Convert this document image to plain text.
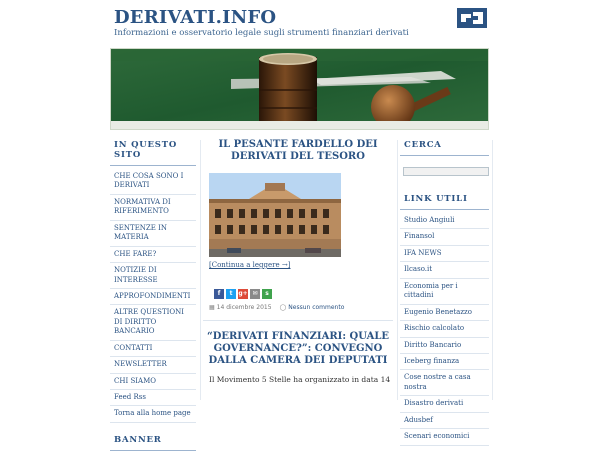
DERIVATI.INFO
Informazioni e osservatorio legale sugli strumenti finanziari derivati
IN QUESTO SITO
CHE COSA SONO I DERIVATI
NORMATIVA DI RIFERIMENTO
SENTENZE IN MATERIA
CHE FARE?
NOTIZIE DI INTERESSE
APPROFONDIMENTI
ALTRE QUESTIONI DI DIRITTO BANCARIO
CONTATTI
NEWSLETTER
CHI SIAMO
Feed Rss
Torna alla home page
BANNER
IL PESANTE FARDELLO DEI DERIVATI DEL TESORO
[Continua a leggere →]
f	t g+ ✉	s
▦ 14 dicembre 2015 ◯ Nessun commento
“DERIVATI FINANZIARI: QUALE GOVERNANCE?”: CONVEGNO DALLA CAMERA DEI DEPUTATI
Il Movimento 5 Stelle ha organizzato in data 14
CERCA
LINK UTILI
Studio Angiuli
Finansol
IFA NEWS
Ilcaso.it
Economia per i cittadini
Eugenio Benetazzo
Rischio calcolato
Diritto Bancario
Iceberg finanza
Cose nostre a casa nostra
Disastro derivati
Adusbef
Scenari economici
